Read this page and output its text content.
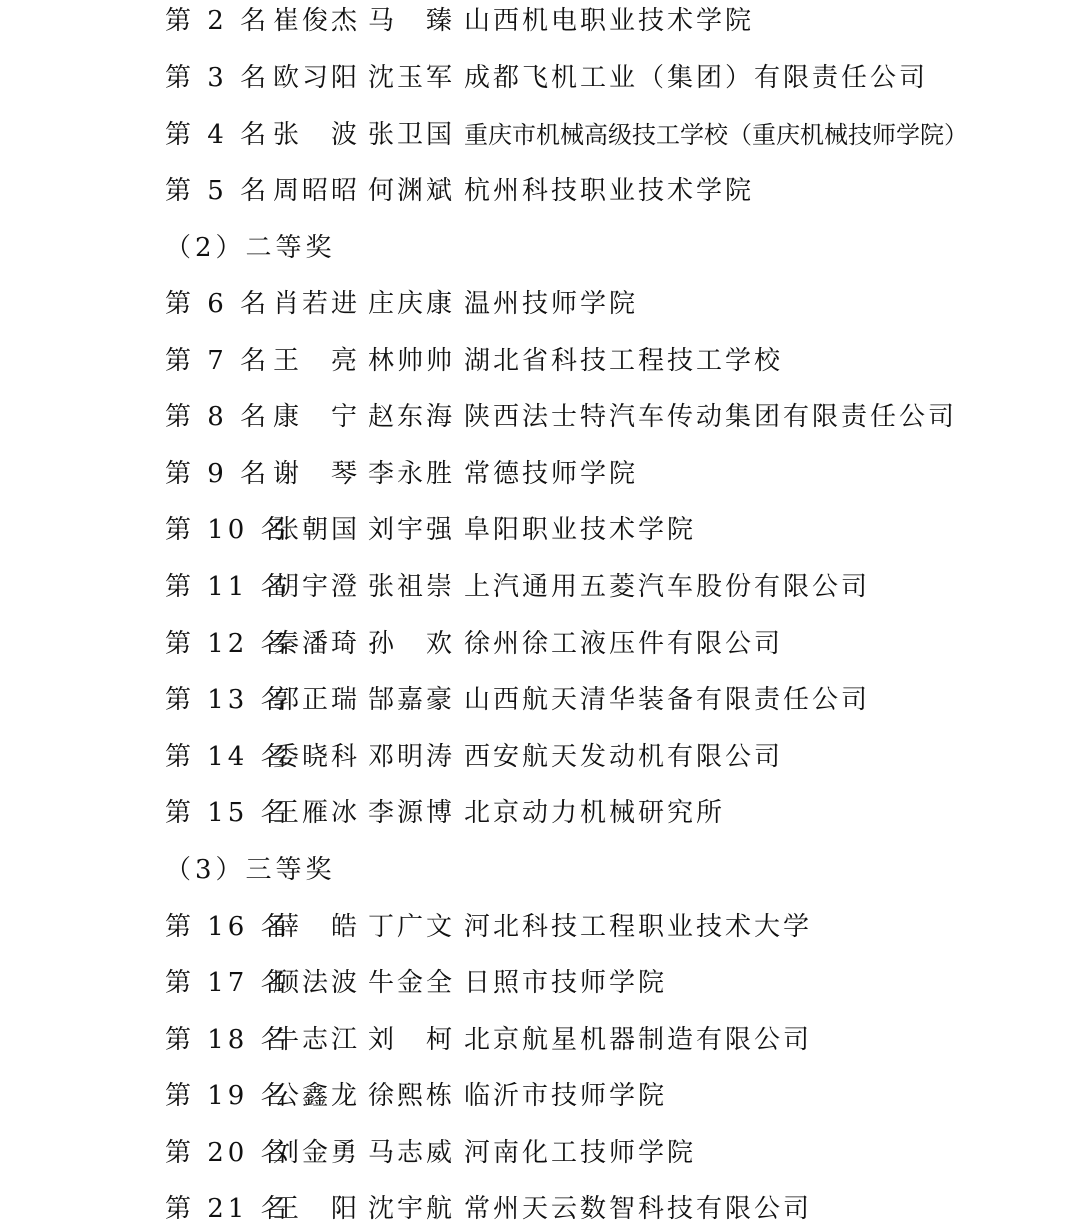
第 2 名 崔俊杰 马　臻 山西机电职业技术学院
第 3 名 欧习阳 沈玉军 成都飞机工业（集团）有限责任公司
第 4 名 张　波 张卫国 重庆市机械高级技工学校（重庆机械技师学院）
第 5 名 周昭昭 何渊斌 杭州科技职业技术学院
（2）二等奖
第 6 名 肖若进 庄庆康 温州技师学院
第 7 名 王　亮 林帅帅 湖北省科技工程技工学校
第 8 名 康　宁 赵东海 陕西法士特汽车传动集团有限责任公司
第 9 名 谢　琴 李永胜 常德技师学院
第 10 名
张朝国 刘宇强 阜阳职业技术学院
第 11 名
胡宇澄 张祖崇 上汽通用五菱汽车股份有限公司
第 12 名
秦潘琦 孙　欢 徐州徐工液压件有限公司
第 13 名
郭正瑞 郜嘉豪 山西航天清华装备有限责任公司
第 14 名
委晓科 邓明涛 西安航天发动机有限公司
第 15 名
王雁冰 李源博 北京动力机械研究所
（3）三等奖
第 16 名
薛　皓 丁广文 河北科技工程职业技术大学
第 17 名
顾法波 牛金全 日照市技师学院
第 18 名
牛志江 刘　柯 北京航星机器制造有限公司
第 19 名
公鑫龙 徐熙栋 临沂市技师学院
第 20 名
刘金勇 马志威 河南化工技师学院
第 21 名
王　阳 沈宇航 常州天云数智科技有限公司
